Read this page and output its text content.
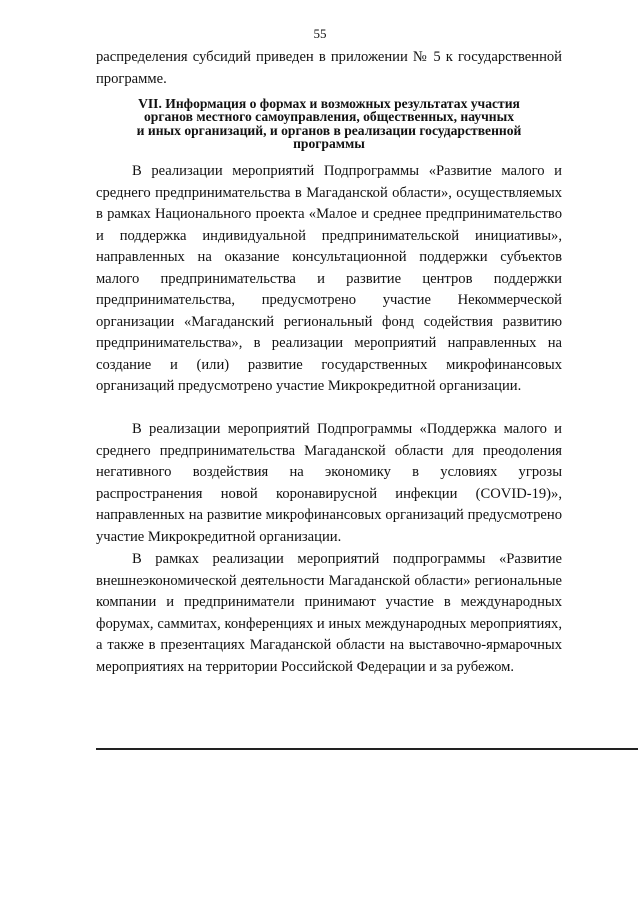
55

распределения субсидий приведен в приложении № 5 к государственной программе.

VII. Информация о формах и возможных результатах участия
органов местного самоуправления, общественных, научных
и иных организаций, и органов в реализации государственной
программы

В реализации мероприятий Подпрограммы «Развитие малого и среднего предпринимательства в Магаданской области», осуществляемых в рамках Национального проекта «Малое и среднее предпринимательство и поддержка индивидуальной предпринимательской инициативы», направленных на оказание консультационной поддержки субъектов малого предпринимательства и развитие центров поддержки предпринимательства, предусмотрено участие Некоммерческой организации «Магаданский региональный фонд содействия развитию предпринимательства», в реализации мероприятий направленных на создание и (или) развитие государственных микрофинансовых организаций предусмотрено участие Микрокредитной организации.

В реализации мероприятий Подпрограммы «Поддержка малого и среднего предпринимательства Магаданской области для преодоления негативного воздействия на экономику в условиях угрозы распространения новой коронавирусной инфекции (COVID-19)», направленных на развитие микрофинансовых организаций предусмотрено участие Микрокредитной организации.

В рамках реализации мероприятий подпрограммы «Развитие внешнеэкономической деятельности Магаданской области» региональные компании и предприниматели принимают участие в международных форумах, саммитах, конференциях и иных международных мероприятиях, а также в презентациях Магаданской области на выставочно-ярмарочных мероприятиях на территории Российской Федерации и за рубежом.
